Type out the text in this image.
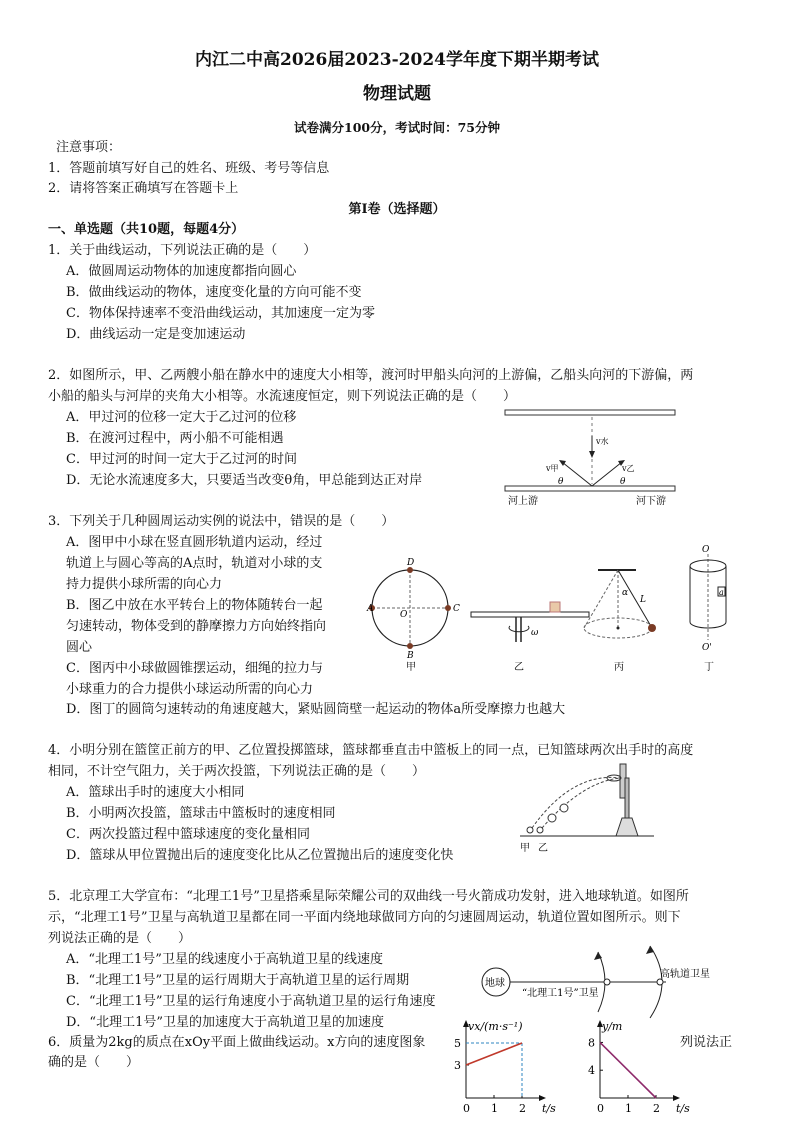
内江二中高2026届2023-2024学年度下期半期考试
物理试题
试卷满分100分，考试时间：75分钟
注意事项：
1．答题前填写好自己的姓名、班级、考号等信息
2．请将答案正确填写在答题卡上
第Ⅰ卷（选择题）
一、单选题（共10题，每题4分）
1．关于曲线运动，下列说法正确的是（　　）
A．做圆周运动物体的加速度都指向圆心
B．做曲线运动的物体，速度变化量的方向可能不变
C．物体保持速率不变沿曲线运动，其加速度一定为零
D．曲线运动一定是变加速运动
2．如图所示，甲、乙两艘小船在静水中的速度大小相等，渡河时甲船头向河的上游偏，乙船头向河的下游偏，两
小船的船头与河岸的夹角大小相等。水流速度恒定，则下列说法正确的是（　　）
A．甲过河的位移一定大于乙过河的位移
B．在渡河过程中，两小船不可能相遇
C．甲过河的时间一定大于乙过河的时间
D．无论水流速度多大，只要适当改变θ角，甲总能到达正对岸
v水
v甲	v乙
θ	θ
河上游	河下游
3．下列关于几种圆周运动实例的说法中，错误的是（　　）
A．图甲中小球在竖直圆形轨道内运动，经过
轨道上与圆心等高的A点时，轨道对小球的支
持力提供小球所需的向心力
B．图乙中放在水平转台上的物体随转台一起
匀速转动，物体受到的静摩擦力方向始终指向
圆心
C．图丙中小球做圆锥摆运动，细绳的拉力与
小球重力的合力提供小球运动所需的向心力
D．图丁的圆筒匀速转动的角速度越大，紧贴圆筒壁一起运动的物体a所受摩擦力也越大
D
A
O
C
B
甲
ω
乙
α
L
丙
O
a
O'
丁
4．小明分别在篮筐正前方的甲、乙位置投掷篮球，篮球都垂直击中篮板上的同一点，已知篮球两次出手时的高度
相同，不计空气阻力，关于两次投篮，下列说法正确的是（　　）
A．篮球出手时的速度大小相同
B．小明两次投篮，篮球击中篮板时的速度相同
C．两次投篮过程中篮球速度的变化量相同
D．篮球从甲位置抛出后的速度变化比从乙位置抛出后的速度变化快	甲 乙
5．北京理工大学宣布：“北理工1号”卫星搭乘星际荣耀公司的双曲线一号火箭成功发射，进入地球轨道。如图所
示，“北理工1号”卫星与高轨道卫星都在同一平面内绕地球做同方向的匀速圆周运动，轨道位置如图所示。则下
列说法正确的是（　　）
A．“北理工1号”卫星的线速度小于高轨道卫星的线速度
B．“北理工1号”卫星的运行周期大于高轨道卫星的运行周期
C．“北理工1号”卫星的运行角速度小于高轨道卫星的运行角速度
D．“北理工1号”卫星的加速度大于高轨道卫星的加速度
地球
高轨道卫星
“北理工1号”卫星
6．质量为2kg的质点在xOy平面上做曲线运动。x方向的速度图象	列说法正
确的是（　　）
vx/(m·s⁻¹)
t/s
0 1 2
3
5
y/m
t/s
0 1 2
4
8
